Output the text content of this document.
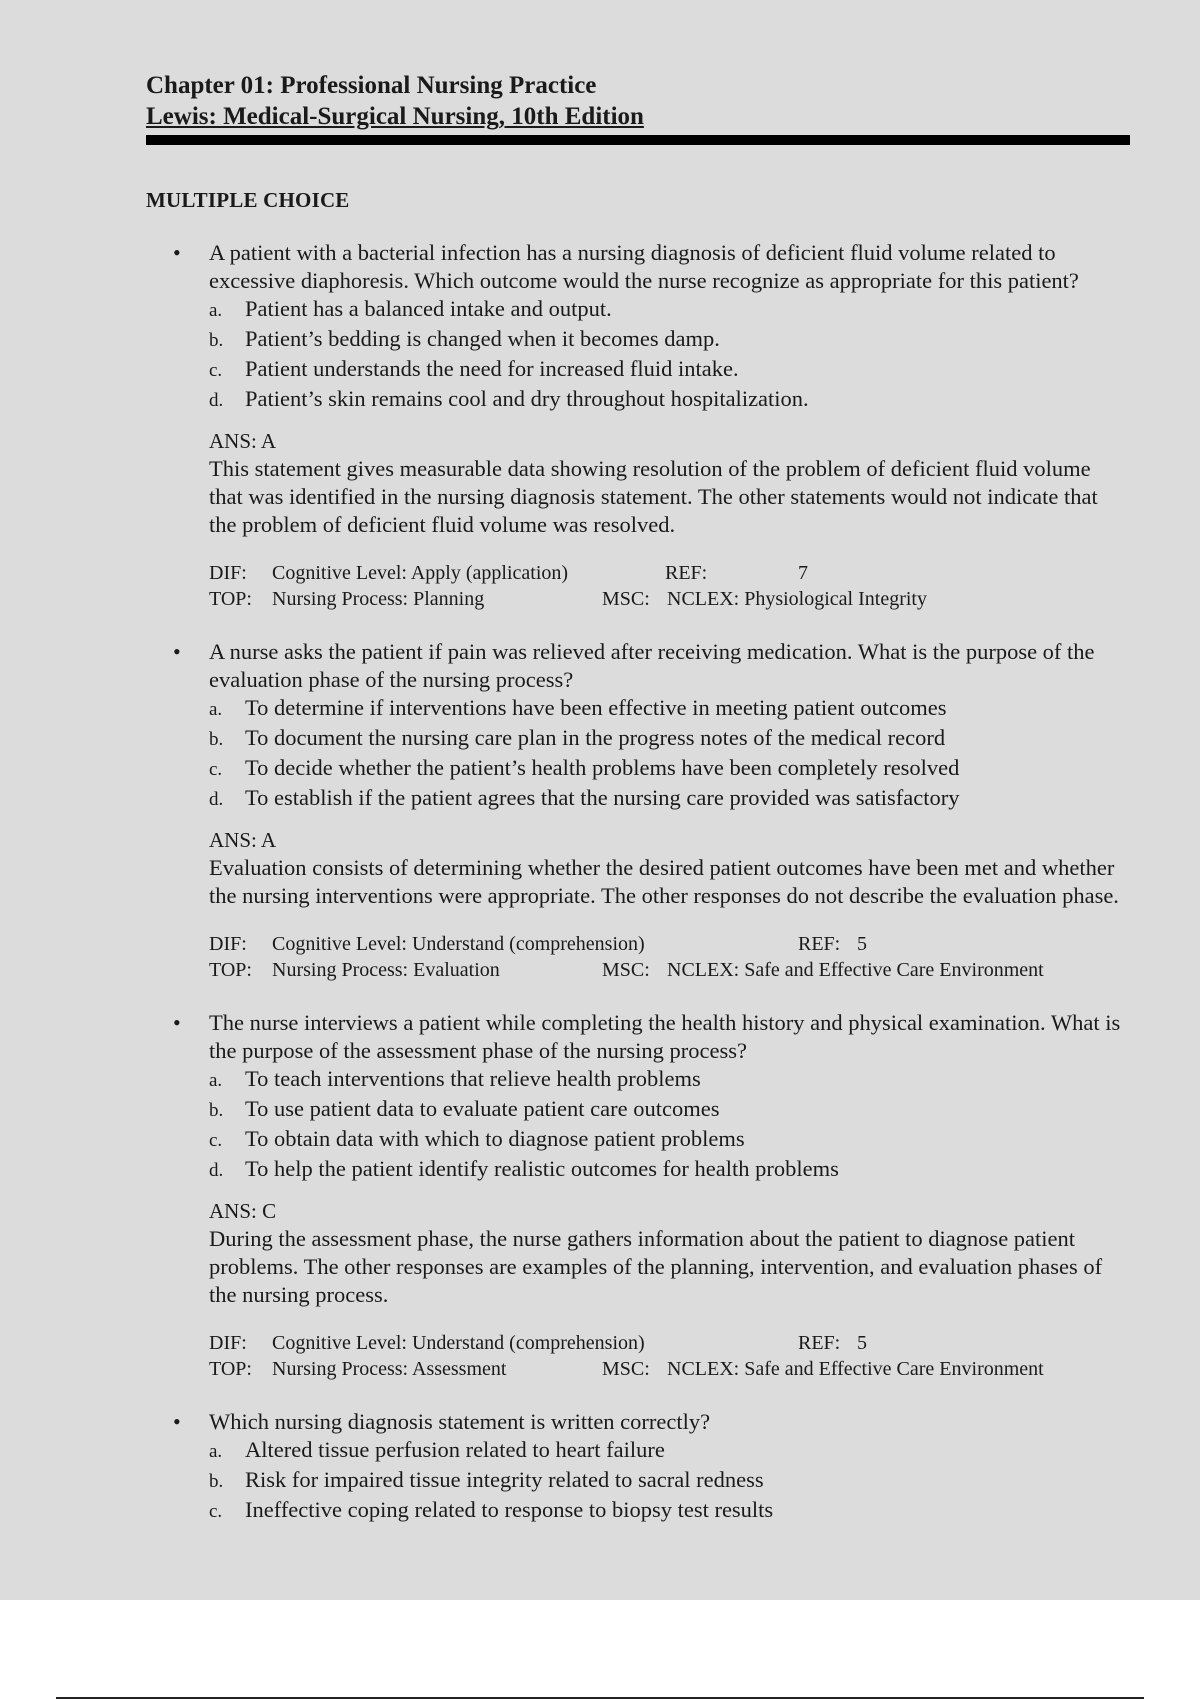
Chapter 01: Professional Nursing Practice
Lewis: Medical-Surgical Nursing, 10th Edition
MULTIPLE CHOICE
• A patient with a bacterial infection has a nursing diagnosis of deficient fluid volume related to excessive diaphoresis. Which outcome would the nurse recognize as appropriate for this patient?
a. Patient has a balanced intake and output.
b. Patient’s bedding is changed when it becomes damp.
c. Patient understands the need for increased fluid intake.
d. Patient’s skin remains cool and dry throughout hospitalization.
ANS: A
This statement gives measurable data showing resolution of the problem of deficient fluid volume that was identified in the nursing diagnosis statement. The other statements would not indicate that the problem of deficient fluid volume was resolved.
DIF: Cognitive Level: Apply (application)	REF:	7
TOP: Nursing Process: Planning	MSC: NCLEX: Physiological Integrity
• A nurse asks the patient if pain was relieved after receiving medication. What is the purpose of the evaluation phase of the nursing process?
a. To determine if interventions have been effective in meeting patient outcomes
b. To document the nursing care plan in the progress notes of the medical record
c. To decide whether the patient’s health problems have been completely resolved
d. To establish if the patient agrees that the nursing care provided was satisfactory
ANS: A
Evaluation consists of determining whether the desired patient outcomes have been met and whether the nursing interventions were appropriate. The other responses do not describe the evaluation phase.
DIF: Cognitive Level: Understand (comprehension)	REF: 5
TOP: Nursing Process: Evaluation	MSC: NCLEX: Safe and Effective Care Environment
• The nurse interviews a patient while completing the health history and physical examination. What is the purpose of the assessment phase of the nursing process?
a. To teach interventions that relieve health problems
b. To use patient data to evaluate patient care outcomes
c. To obtain data with which to diagnose patient problems
d. To help the patient identify realistic outcomes for health problems
ANS: C
During the assessment phase, the nurse gathers information about the patient to diagnose patient problems. The other responses are examples of the planning, intervention, and evaluation phases of the nursing process.
DIF: Cognitive Level: Understand (comprehension)	REF: 5
TOP: Nursing Process: Assessment	MSC: NCLEX: Safe and Effective Care Environment
• Which nursing diagnosis statement is written correctly?
a. Altered tissue perfusion related to heart failure
b. Risk for impaired tissue integrity related to sacral redness
c. Ineffective coping related to response to biopsy test results
